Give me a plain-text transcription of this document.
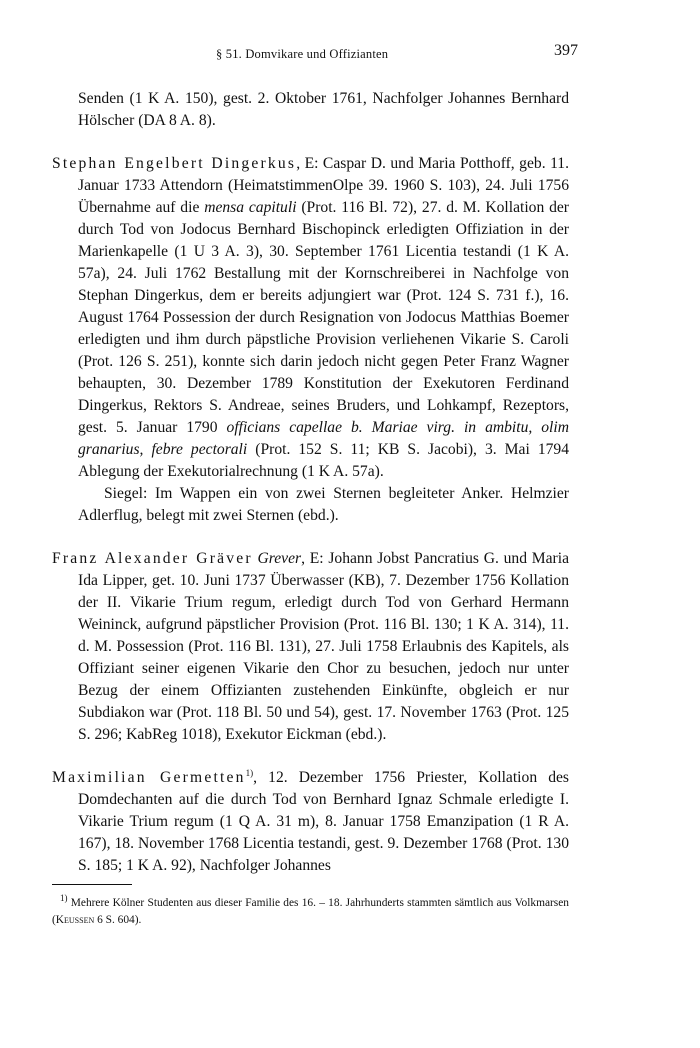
§ 51. Domvikare und Offizianten	397

Senden (1 K A. 150), gest. 2. Oktober 1761, Nachfolger Johannes Bernhard Hölscher (DA 8 A. 8).

Stephan Engelbert Dingerkus, E: Caspar D. und Maria Potthoff, geb. 11. Januar 1733 Attendorn (HeimatstimmenOlpe 39. 1960 S. 103), 24. Juli 1756 Übernahme auf die mensa capituli (Prot. 116 Bl. 72), 27. d. M. Kollation der durch Tod von Jodocus Bernhard Bischopinck erledigten Offiziation in der Marienkapelle (1 U 3 A. 3), 30. September 1761 Licentia testandi (1 K A. 57a), 24. Juli 1762 Bestallung mit der Kornschreiberei in Nachfolge von Stephan Dingerkus, dem er bereits adjungiert war (Prot. 124 S. 731 f.), 16. August 1764 Possession der durch Resignation von Jodocus Matthias Boemer erledigten und ihm durch päpstliche Provision verliehenen Vikarie S. Caroli (Prot. 126 S. 251), konnte sich darin jedoch nicht gegen Peter Franz Wagner behaupten, 30. Dezember 1789 Konstitution der Exekutoren Ferdinand Dingerkus, Rektors S. Andreae, seines Bruders, und Lohkampf, Rezeptors, gest. 5. Januar 1790 officians capellae b. Mariae virg. in ambitu, olim granarius, febre pectorali (Prot. 152 S. 11; KB S. Jacobi), 3. Mai 1794 Ablegung der Exekutorialrechnung (1 K A. 57a).

Siegel: Im Wappen ein von zwei Sternen begleiteter Anker. Helmzier Adlerflug, belegt mit zwei Sternen (ebd.).

Franz Alexander Gräver Grever, E: Johann Jobst Pancratius G. und Maria Ida Lipper, get. 10. Juni 1737 Überwasser (KB), 7. Dezember 1756 Kollation der II. Vikarie Trium regum, erledigt durch Tod von Gerhard Hermann Weininck, aufgrund päpstlicher Provision (Prot. 116 Bl. 130; 1 K A. 314), 11. d. M. Possession (Prot. 116 Bl. 131), 27. Juli 1758 Erlaubnis des Kapitels, als Offiziant seiner eigenen Vikarie den Chor zu besuchen, jedoch nur unter Bezug der einem Offizianten zustehenden Einkünfte, obgleich er nur Subdiakon war (Prot. 118 Bl. 50 und 54), gest. 17. November 1763 (Prot. 125 S. 296; KabReg 1018), Exekutor Eickman (ebd.).

Maximilian Germetten$^{1)}$, 12. Dezember 1756 Priester, Kollation des Domdechanten auf die durch Tod von Bernhard Ignaz Schmale erledigte I. Vikarie Trium regum (1 Q A. 31 m), 8. Januar 1758 Emanzipation (1 R A. 167), 18. November 1768 Licentia testandi, gest. 9. Dezember 1768 (Prot. 130 S. 185; 1 K A. 92), Nachfolger Johannes

$^{1)}$ Mehrere Kölner Studenten aus dieser Familie des 16. – 18. Jahrhunderts stammten sämtlich aus Volkmarsen (Keussen 6 S. 604).
